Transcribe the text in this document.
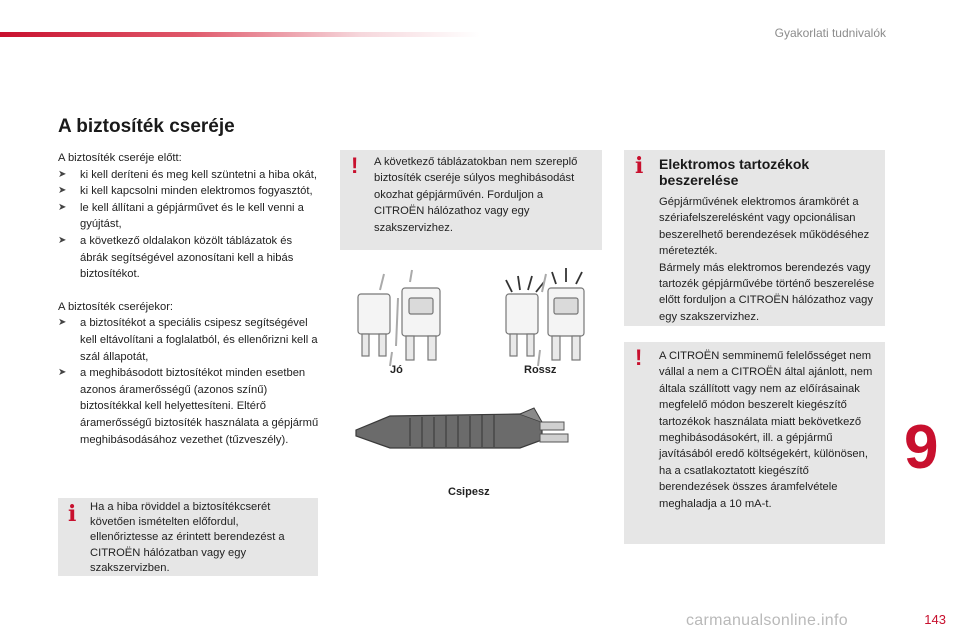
Gyakorlati tudnivalók
A biztosíték cseréje

A biztosíték cseréje előtt:

➤	ki kell deríteni és meg kell szüntetni a hiba okát,
➤	ki kell kapcsolni minden elektromos fogyasztót,
➤	le kell állítani a gépjárművet és le kell venni a gyújtást,
➤	a következő oldalakon közölt táblázatok és ábrák segítségével azonosítani kell a hibás biztosítékot.

A biztosíték cseréjekor:

➤	a biztosítékot a speciális csipesz segítségével kell eltávolítani a foglalatból, és ellenőrizni kell a szál állapotát,
➤	a meghibásodott biztosítékot minden esetben azonos áramerősségű (azonos színű) biztosítékkal kell helyettesíteni. Eltérő áramerősségű biztosíték használata a gépjármű meghibásodásához vezethet (tűzveszély).
i Ha a hiba röviddel a biztosítékcserét követően ismételten előfordul, ellenőriztesse az érintett berendezést a CITROËN hálózatban vagy egy szakszervizben.
! A következő táblázatokban nem szereplő biztosíték cseréje súlyos meghibásodást okozhat gépjárművén. Forduljon a CITROËN hálózathoz vagy egy szakszervizhez.
Jó	Rossz
Csipesz
i Elektromos tartozékok beszerelése

Gépjárművének elektromos áramkörét a szériafelszerelésként vagy opcionálisan beszerelhető berendezések működéséhez méretezték.

Bármely más elektromos berendezés vagy tartozék gépjárművébe történő beszerelése előtt forduljon a CITROËN hálózathoz vagy egy szakszervizhez.

! A CITROËN semminemű felelősséget nem vállal a nem a CITROËN által ajánlott, nem általa szállított vagy nem az előírásainak megfelelő módon beszerelt kiegészítő tartozékok használata miatt bekövetkező meghibásodásokért, ill. a gépjármű javításából eredő költségekért, különösen, ha a csatlakoztatott kiegészítő berendezések összes áramfelvétele meghaladja a 10 mA-t.
9
carmanualsonline.info	143
